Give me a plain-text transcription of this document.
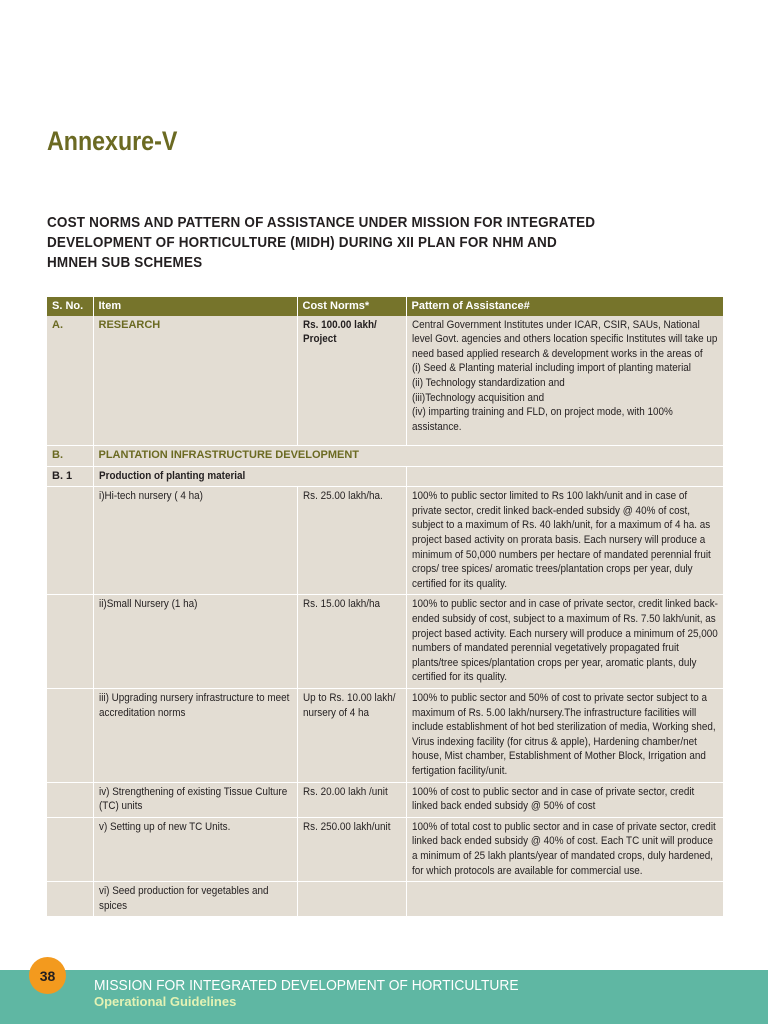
Annexure-V
COST NORMS AND PATTERN OF ASSISTANCE UNDER MISSION FOR INTEGRATED
DEVELOPMENT OF HORTICULTURE (MIDH) DURING XII PLAN FOR NHM AND
HMNEH SUB SCHEMES
S. No.	Item	Cost Norms*	Pattern of Assistance#
A.	RESEARCH	Rs. 100.00 lakh/ Project	Central Government Institutes under ICAR, CSIR, SAUs, National level Govt. agencies and others location specific Institutes will take up need based applied research & development works in the areas of
(i) Seed & Planting material including import of planting material
(ii) Technology standardization and
(iii)Technology acquisition and
(iv) imparting training and FLD, on project mode, with 100% assistance.
B.	PLANTATION INFRASTRUCTURE DEVELOPMENT		
B. 1	Production of planting material		
	i)Hi-tech nursery ( 4 ha)	Rs. 25.00 lakh/ha.	100% to public sector limited to Rs 100 lakh/unit and in case of private sector, credit linked back-ended subsidy @ 40% of cost, subject to a maximum of Rs. 40 lakh/unit, for a maximum of 4 ha. as project based activity on prorata basis. Each nursery will produce a minimum of 50,000 numbers per hectare of mandated perennial fruit crops/ tree spices/ aromatic trees/plantation crops per year, duly certified for its quality.
	ii)Small Nursery (1 ha)	Rs. 15.00 lakh/ha	100% to public sector and in case of private sector, credit linked back-ended subsidy of cost, subject to a maximum of Rs. 7.50 lakh/unit, as project based activity. Each nursery will produce a minimum of 25,000 numbers of mandated perennial vegetatively propagated fruit plants/tree spices/plantation crops per year, aromatic plants, duly certified for its quality.
	iii) Upgrading nursery infrastructure to meet accreditation norms	Up to Rs. 10.00 lakh/ nursery of 4 ha	100% to public sector and 50% of cost to private sector subject to a maximum of Rs. 5.00 lakh/nursery.The infrastructure facilities will include establishment of hot bed sterilization of media, Working shed, Virus indexing facility (for citrus & apple), Hardening chamber/net house, Mist chamber, Establishment of Mother Block, Irrigation and fertigation facility/unit.
	iv) Strengthening of existing Tissue Culture (TC) units	Rs. 20.00 lakh /unit	100% of cost to public sector and in case of private sector, credit linked back ended subsidy @ 50% of cost
	v) Setting up of new TC Units.	Rs. 250.00 lakh/unit	100% of total cost to public sector and in case of private sector, credit linked back ended subsidy @ 40% of cost. Each TC unit will produce a minimum of 25 lakh plants/year of mandated crops, duly hardened, for which protocols are available for commercial use.
	vi) Seed production for vegetables and spices		
38

MISSION FOR INTEGRATED DEVELOPMENT OF HORTICULTURE

Operational Guidelines
